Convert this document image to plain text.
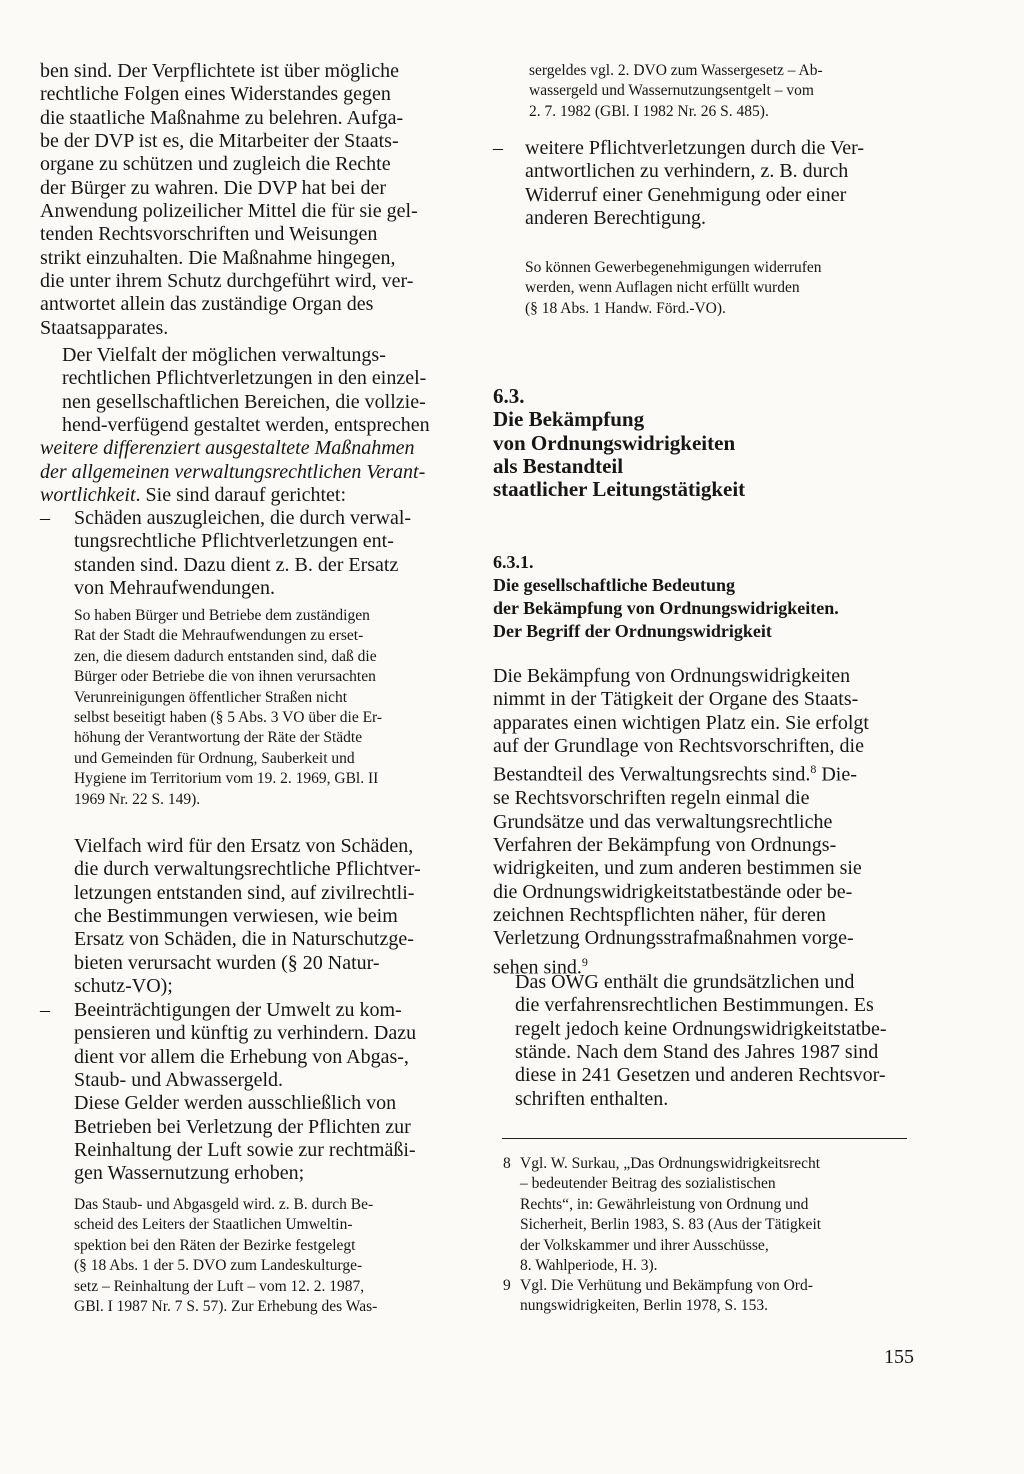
ben sind. Der Verpflichtete ist über mögliche
rechtliche Folgen eines Widerstandes gegen
die staatliche Maßnahme zu belehren. Aufga-
be der DVP ist es, die Mitarbeiter der Staats-
organe zu schützen und zugleich die Rechte
der Bürger zu wahren. Die DVP hat bei der
Anwendung polizeilicher Mittel die für sie gel-
tenden Rechtsvorschriften und Weisungen
strikt einzuhalten. Die Maßnahme hingegen,
die unter ihrem Schutz durchgeführt wird, ver-
antwortet allein das zuständige Organ des
Staatsapparates.
Der Vielfalt der möglichen verwaltungs-
rechtlichen Pflichtverletzungen in den einzel-
nen gesellschaftlichen Bereichen, die vollzie-
hend-verfügend gestaltet werden, entsprechen
weitere differenziert ausgestaltete Maßnahmen
der allgemeinen verwaltungsrechtlichen Verant-
wortlichkeit. Sie sind darauf gerichtet:
– Schäden auszugleichen, die durch verwal-
tungsrechtliche Pflichtverletzungen ent-
standen sind. Dazu dient z. B. der Ersatz
von Mehraufwendungen.
So haben Bürger und Betriebe dem zuständigen
Rat der Stadt die Mehraufwendungen zu erset-
zen, die diesem dadurch entstanden sind, daß die
Bürger oder Betriebe die von ihnen verursachten
Verunreinigungen öffentlicher Straßen nicht
selbst beseitigt haben (§ 5 Abs. 3 VO über die Er-
höhung der Verantwortung der Räte der Städte
und Gemeinden für Ordnung, Sauberkeit und
Hygiene im Territorium vom 19. 2. 1969, GBl. II
1969 Nr. 22 S. 149).
Vielfach wird für den Ersatz von Schäden,
die durch verwaltungsrechtliche Pflichtver-
letzungen entstanden sind, auf zivilrechtli-
che Bestimmungen verwiesen, wie beim
Ersatz von Schäden, die in Naturschutzge-
bieten verursacht wurden (§ 20 Natur-
schutz-VO);
– Beeinträchtigungen der Umwelt zu kom-
pensieren und künftig zu verhindern. Dazu
dient vor allem die Erhebung von Abgas-,
Staub- und Abwassergeld.
Diese Gelder werden ausschließlich von
Betrieben bei Verletzung der Pflichten zur
Reinhaltung der Luft sowie zur rechtmäßi-
gen Wassernutzung erhoben;
Das Staub- und Abgasgeld wird. z. B. durch Be-
scheid des Leiters der Staatlichen Umweltin-
spektion bei den Räten der Bezirke festgelegt
(§ 18 Abs. 1 der 5. DVO zum Landeskulturge-
setz – Reinhaltung der Luft – vom 12. 2. 1987,
GBl. I 1987 Nr. 7 S. 57). Zur Erhebung des Was-
sergeldes vgl. 2. DVO zum Wassergesetz – Ab-
wassergeld und Wassernutzungsentgelt – vom
2. 7. 1982 (GBl. I 1982 Nr. 26 S. 485).
– weitere Pflichtverletzungen durch die Ver-
antwortlichen zu verhindern, z. B. durch
Widerruf einer Genehmigung oder einer
anderen Berechtigung.
So können Gewerbegenehmigungen widerrufen
werden, wenn Auflagen nicht erfüllt wurden
(§ 18 Abs. 1 Handw. Förd.-VO).
6.3.
Die Bekämpfung
von Ordnungswidrigkeiten
als Bestandteil
staatlicher Leitungstätigkeit
6.3.1.
Die gesellschaftliche Bedeutung
der Bekämpfung von Ordnungswidrigkeiten.
Der Begriff der Ordnungswidrigkeit
Die Bekämpfung von Ordnungswidrigkeiten
nimmt in der Tätigkeit der Organe des Staats-
apparates einen wichtigen Platz ein. Sie erfolgt
auf der Grundlage von Rechtsvorschriften, die
Bestandteil des Verwaltungsrechts sind.$^8$ Die-
se Rechtsvorschriften regeln einmal die
Grundsätze und das verwaltungsrechtliche
Verfahren der Bekämpfung von Ordnungs-
widrigkeiten, und zum anderen bestimmen sie
die Ordnungswidrigkeitstatbestände oder be-
zeichnen Rechtspflichten näher, für deren
Verletzung Ordnungsstrafmaßnahmen vorge-
sehen sind.$^9$
Das OWG enthält die grundsätzlichen und
die verfahrensrechtlichen Bestimmungen. Es
regelt jedoch keine Ordnungswidrigkeitstatbe-
stände. Nach dem Stand des Jahres 1987 sind
diese in 241 Gesetzen und anderen Rechtsvor-
schriften enthalten.
8 Vgl. W. Surkau, „Das Ordnungswidrigkeitsrecht
– bedeutender Beitrag des sozialistischen
Rechts“, in: Gewährleistung von Ordnung und
Sicherheit, Berlin 1983, S. 83 (Aus der Tätigkeit
der Volkskammer und ihrer Ausschüsse,
8. Wahlperiode, H. 3).
9 Vgl. Die Verhütung und Bekämpfung von Ord-
nungswidrigkeiten, Berlin 1978, S. 153.
155
